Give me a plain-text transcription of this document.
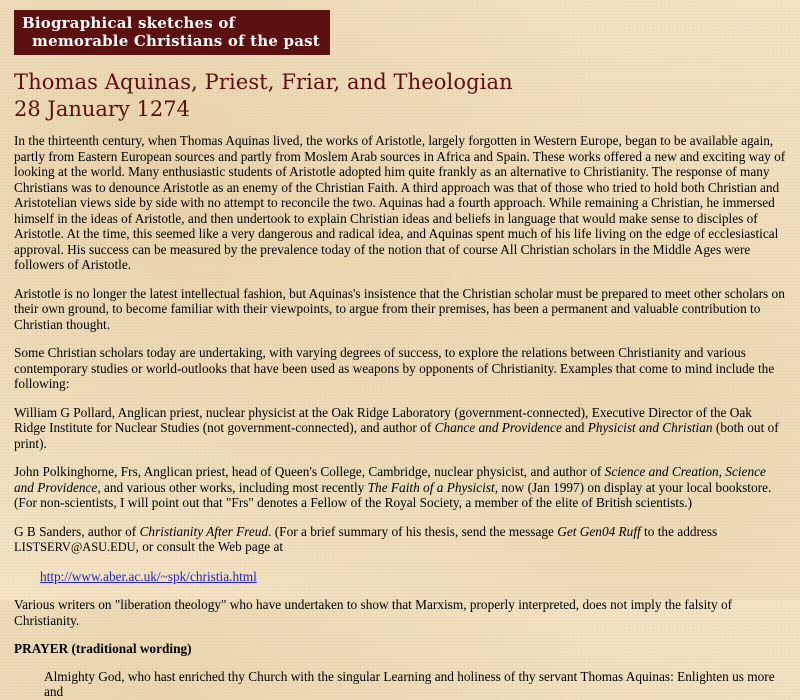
Biographical sketches of
memorable Christians of the past
Thomas Aquinas, Priest, Friar, and Theologian
28 January 1274

In the thirteenth century, when Thomas Aquinas lived, the works of Aristotle, largely forgotten in Western Europe, began to be available again, partly from Eastern European sources and partly from Moslem Arab sources in Africa and Spain. These works offered a new and exciting way of looking at the world. Many enthusiastic students of Aristotle adopted him quite frankly as an alternative to Christianity. The response of many Christians was to denounce Aristotle as an enemy of the Christian Faith. A third approach was that of those who tried to hold both Christian and Aristotelian views side by side with no attempt to reconcile the two. Aquinas had a fourth approach. While remaining a Christian, he immersed himself in the ideas of Aristotle, and then undertook to explain Christian ideas and beliefs in language that would make sense to disciples of Aristotle. At the time, this seemed like a very dangerous and radical idea, and Aquinas spent much of his life living on the edge of ecclesiastical approval. His success can be measured by the prevalence today of the notion that of course All Christian scholars in the Middle Ages were followers of Aristotle.

Aristotle is no longer the latest intellectual fashion, but Aquinas's insistence that the Christian scholar must be prepared to meet other scholars on their own ground, to become familiar with their viewpoints, to argue from their premises, has been a permanent and valuable contribution to Christian thought.

Some Christian scholars today are undertaking, with varying degrees of success, to explore the relations between Christianity and various contemporary studies or world-outlooks that have been used as weapons by opponents of Christianity. Examples that come to mind include the following:

William G Pollard, Anglican priest, nuclear physicist at the Oak Ridge Laboratory (government-connected), Executive Director of the Oak Ridge Institute for Nuclear Studies (not government-connected), and author of Chance and Providence and Physicist and Christian (both out of print).

John Polkinghorne, Frs, Anglican priest, head of Queen's College, Cambridge, nuclear physicist, and author of Science and Creation, Science and Providence, and various other works, including most recently The Faith of a Physicist, now (Jan 1997) on display at your local bookstore. (For non-scientists, I will point out that "Frs" denotes a Fellow of the Royal Society, a member of the elite of British scientists.)

G B Sanders, author of Christianity After Freud. (For a brief summary of his thesis, send the message Get Gen04 Ruff to the address LISTSERV@ASU.EDU, or consult the Web page at

http://www.aber.ac.uk/~spk/christia.html

Various writers on "liberation theology" who have undertaken to show that Marxism, properly interpreted, does not imply the falsity of Christianity.

PRAYER (traditional wording)

Almighty God, who hast enriched thy Church with the singular Learning and holiness of thy servant Thomas Aquinas: Enlighten us more and
